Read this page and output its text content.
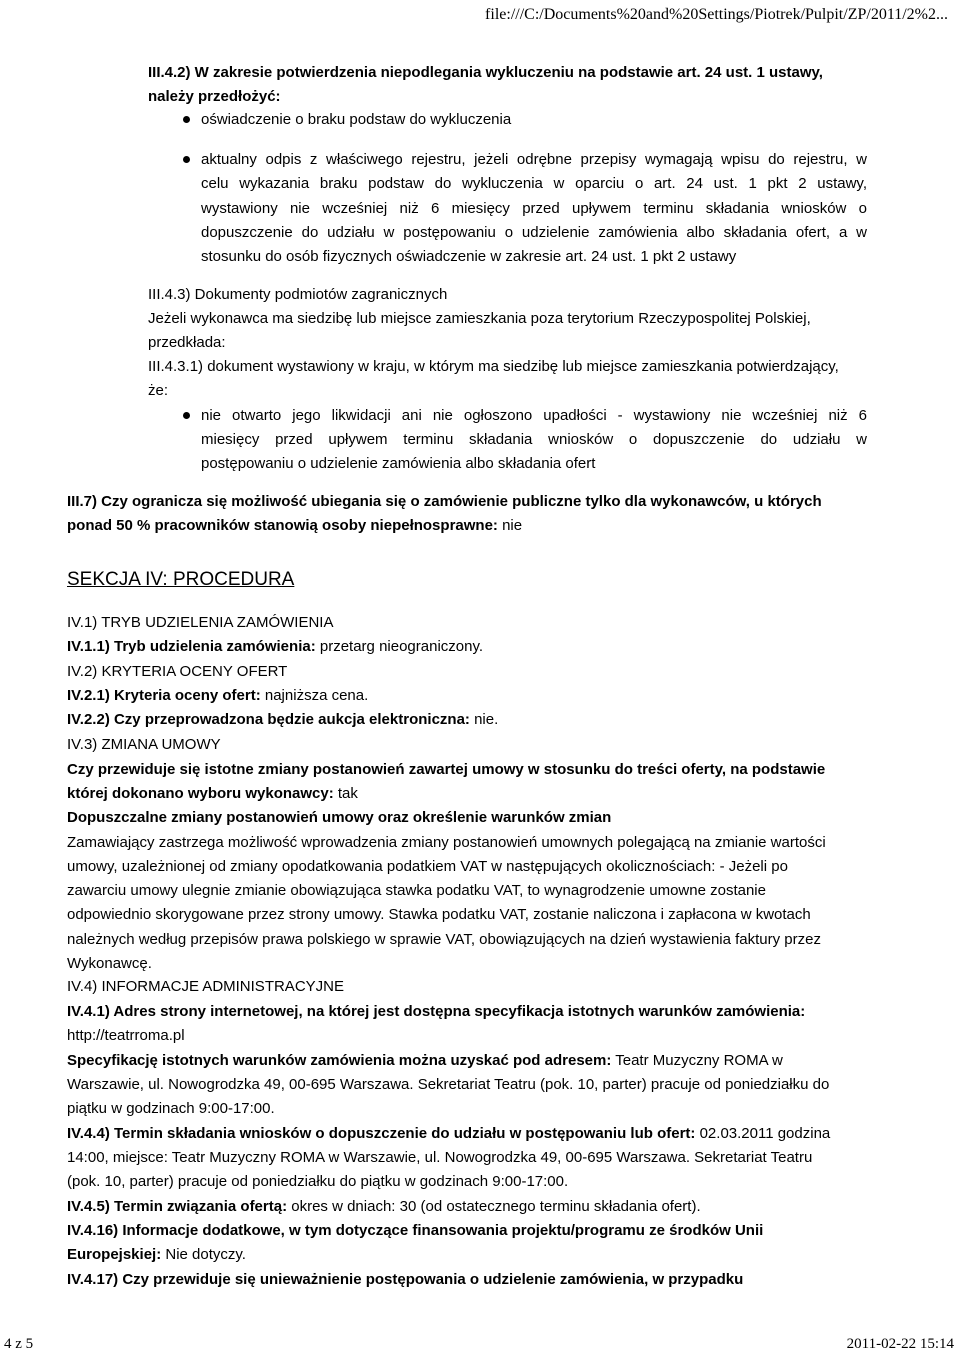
file:///C:/Documents%20and%20Settings/Piotrek/Pulpit/ZP/2011/2%2...
III.4.2) W zakresie potwierdzenia niepodlegania wykluczeniu na podstawie art. 24 ust. 1 ustawy,
należy przedłożyć:
oświadczenie o braku podstaw do wykluczenia
aktualny odpis z właściwego rejestru, jeżeli odrębne przepisy wymagają wpisu do rejestru, w
celu wykazania braku podstaw do wykluczenia w oparciu o art. 24 ust. 1 pkt 2 ustawy,
wystawiony nie wcześniej niż 6 miesięcy przed upływem terminu składania wniosków o
dopuszczenie do udziału w postępowaniu o udzielenie zamówienia albo składania ofert, a w
stosunku do osób fizycznych oświadczenie w zakresie art. 24 ust. 1 pkt 2 ustawy
III.4.3) Dokumenty podmiotów zagranicznych
Jeżeli wykonawca ma siedzibę lub miejsce zamieszkania poza terytorium Rzeczypospolitej Polskiej,
przedkłada:
III.4.3.1) dokument wystawiony w kraju, w którym ma siedzibę lub miejsce zamieszkania potwierdzający,
że:
nie otwarto jego likwidacji ani nie ogłoszono upadłości - wystawiony nie wcześniej niż 6
miesięcy przed upływem terminu składania wniosków o dopuszczenie do udziału w
postępowaniu o udzielenie zamówienia albo składania ofert
III.7) Czy ogranicza się możliwość ubiegania się o zamówienie publiczne tylko dla wykonawców, u których
ponad 50 % pracowników stanowią osoby niepełnosprawne: nie
SEKCJA IV: PROCEDURA
IV.1) TRYB UDZIELENIA ZAMÓWIENIA
IV.1.1) Tryb udzielenia zamówienia: przetarg nieograniczony.
IV.2) KRYTERIA OCENY OFERT
IV.2.1) Kryteria oceny ofert: najniższa cena.
IV.2.2) Czy przeprowadzona będzie aukcja elektroniczna: nie.
IV.3) ZMIANA UMOWY
Czy przewiduje się istotne zmiany postanowień zawartej umowy w stosunku do treści oferty, na podstawie
której dokonano wyboru wykonawcy: tak
Dopuszczalne zmiany postanowień umowy oraz określenie warunków zmian
Zamawiający zastrzega możliwość wprowadzenia zmiany postanowień umownych polegającą na zmianie wartości
umowy, uzależnionej od zmiany opodatkowania podatkiem VAT w następujących okolicznościach: - Jeżeli po
zawarciu umowy ulegnie zmianie obowiązująca stawka podatku VAT, to wynagrodzenie umowne zostanie
odpowiednio skorygowane przez strony umowy. Stawka podatku VAT, zostanie naliczona i zapłacona w kwotach
należnych według przepisów prawa polskiego w sprawie VAT, obowiązujących na dzień wystawienia faktury przez
Wykonawcę.
IV.4) INFORMACJE ADMINISTRACYJNE
IV.4.1) Adres strony internetowej, na której jest dostępna specyfikacja istotnych warunków zamówienia:
http://teatrroma.pl
Specyfikację istotnych warunków zamówienia można uzyskać pod adresem: Teatr Muzyczny ROMA w
Warszawie, ul. Nowogrodzka 49, 00-695 Warszawa. Sekretariat Teatru (pok. 10, parter) pracuje od poniedziałku do
piątku w godzinach 9:00-17:00.
IV.4.4) Termin składania wniosków o dopuszczenie do udziału w postępowaniu lub ofert: 02.03.2011 godzina
14:00, miejsce: Teatr Muzyczny ROMA w Warszawie, ul. Nowogrodzka 49, 00-695 Warszawa. Sekretariat Teatru
(pok. 10, parter) pracuje od poniedziałku do piątku w godzinach 9:00-17:00.
IV.4.5) Termin związania ofertą: okres w dniach: 30 (od ostatecznego terminu składania ofert).
IV.4.16) Informacje dodatkowe, w tym dotyczące finansowania projektu/programu ze środków Unii
Europejskiej: Nie dotyczy.
IV.4.17) Czy przewiduje się unieważnienie postępowania o udzielenie zamówienia, w przypadku
4 z 5	2011-02-22 15:14
